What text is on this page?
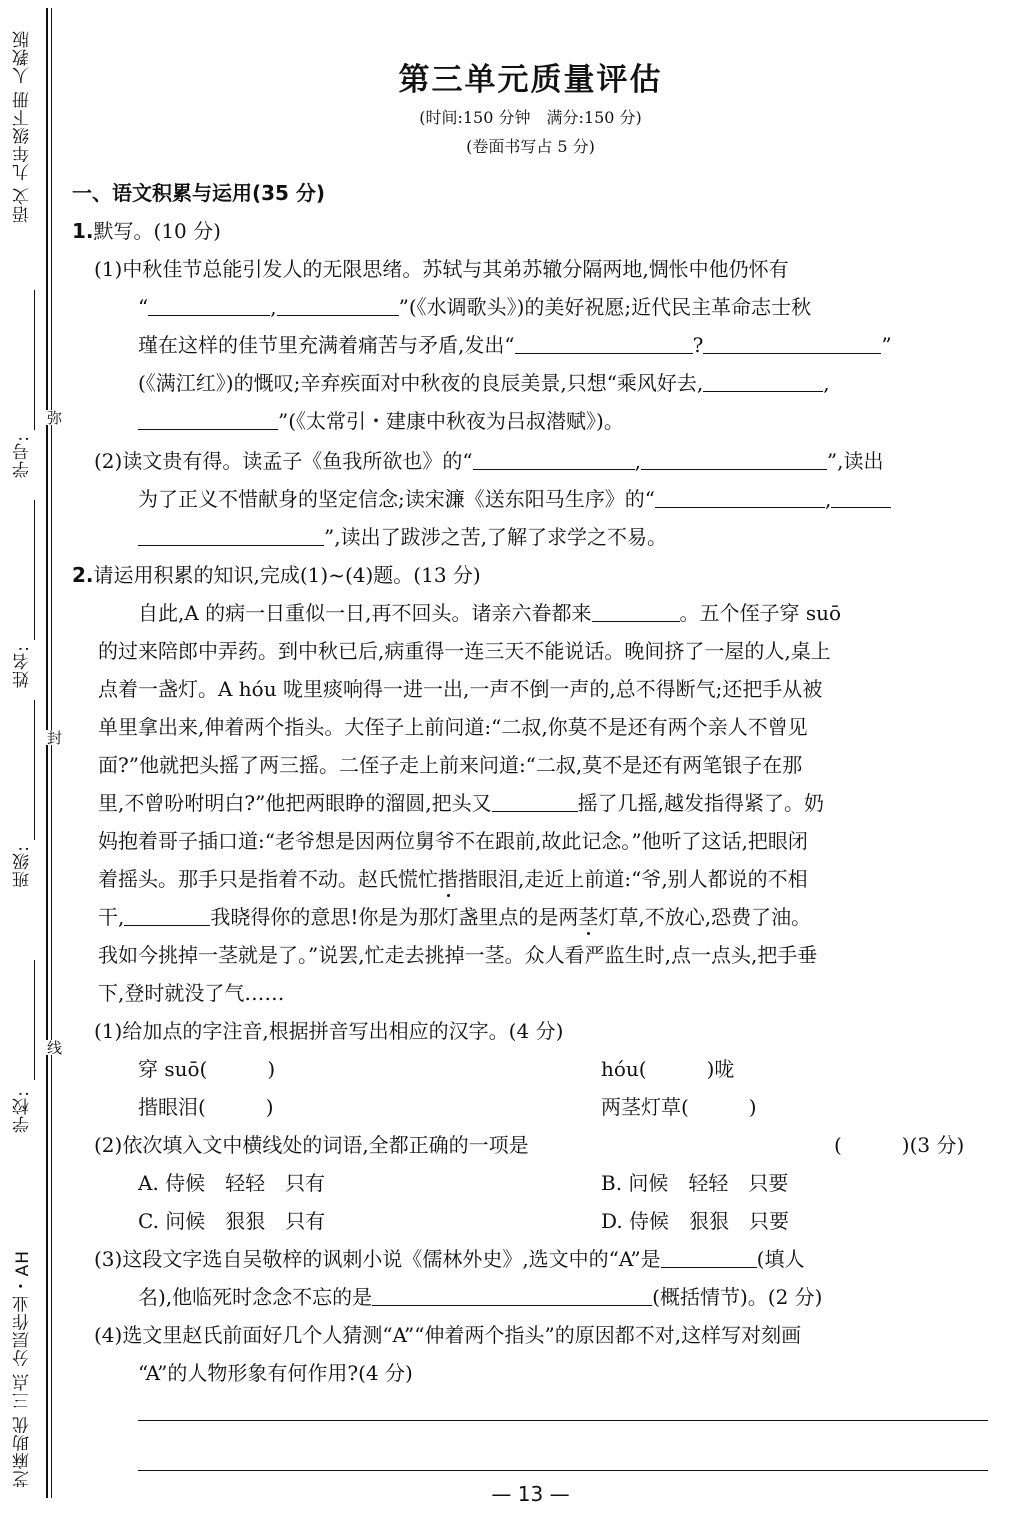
芝麻助优 三点 分层作业・AH
语文 九年级下册 人教版
学校:
班级:
姓名:
学号:
线
封
弥
第三单元质量评估
(时间:150 分钟　满分:150 分)
(卷面书写占 5 分)
一、语文积累与运用(35 分)
1.默写。(10 分)
(1)中秋佳节总能引发人的无限思绪。苏轼与其弟苏辙分隔两地,惆怅中他仍怀有
“	,	”(《水调歌头》)的美好祝愿;近代民主革命志士秋
瑾在这样的佳节里充满着痛苦与矛盾,发出“	?	”
(《满江红》)的慨叹;辛弃疾面对中秋夜的良辰美景,只想“乘风好去,	,
”(《太常引・建康中秋夜为吕叔潜赋》)。
(2)读文贵有得。读孟子《鱼我所欲也》的“	,	”,读出
为了正义不惜献身的坚定信念;读宋濂《送东阳马生序》的“	,
”,读出了跋涉之苦,了解了求学之不易。
2.请运用积累的知识,完成(1)~(4)题。(13 分)
自此,A 的病一日重似一日,再不回头。诸亲六眷都来	。五个侄子穿 suō
的过来陪郎中弄药。到中秋已后,病重得一连三天不能说话。晚间挤了一屋的人,桌上
点着一盏灯。A hóu 咙里痰响得一进一出,一声不倒一声的,总不得断气;还把手从被
单里拿出来,伸着两个指头。大侄子上前问道:“二叔,你莫不是还有两个亲人不曾见
面?”他就把头摇了两三摇。二侄子走上前来问道:“二叔,莫不是还有两笔银子在那
里,不曾吩咐明白?”他把两眼睁的溜圆,把头又	摇了几摇,越发指得紧了。奶
妈抱着哥子插口道:“老爷想是因两位舅爷不在跟前,故此记念。”他听了这话,把眼闭
着摇头。那手只是指着不动。赵氏慌忙揩揩眼泪,走近上前道:“爷,别人都说的不相
干,	我晓得你的意思!你是为那灯盏里点的是两茎灯草,不放心,恐费了油。
我如今挑掉一茎就是了。”说罢,忙走去挑掉一茎。众人看严监生时,点一点头,把手垂
下,登时就没了气……
(1)给加点的字注音,根据拼音写出相应的汉字。(4 分)
穿 suō(　　　)	hóu(　　　)咙
揩眼泪(　　　)	两茎灯草(　　　)
(2)依次填入文中横线处的词语,全都正确的一项是	(　　　)(3 分)
A. 侍候　轻轻　只有	B. 问候　轻轻　只要
C. 问候　狠狠　只有	D. 侍候　狠狠　只要
(3)这段文字选自吴敬梓的讽刺小说《儒林外史》,选文中的“A”是	(填人
名),他临死时念念不忘的是	(概括情节)。(2 分)
(4)选文里赵氏前面好几个人猜测“A”“伸着两个指头”的原因都不对,这样写对刻画
“A”的人物形象有何作用?(4 分)
— 13 —
